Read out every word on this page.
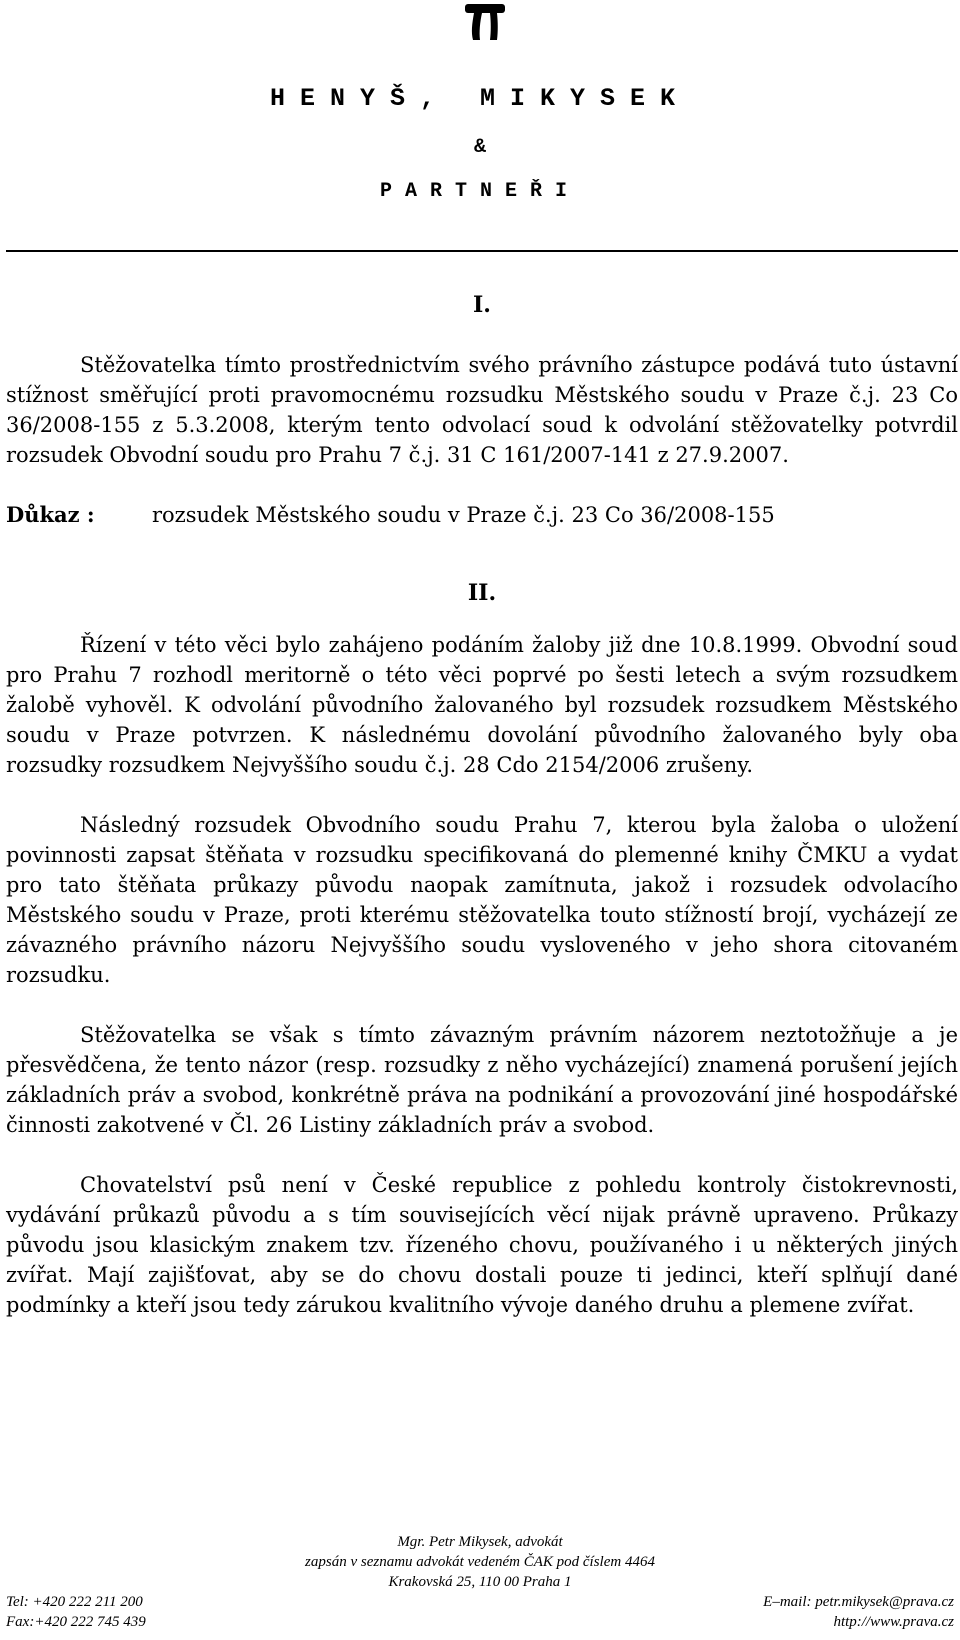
HENYŠ, MIKYSEK
&
PARTNEŘI

I.

Stěžovatelka tímto prostřednictvím svého právního zástupce podává tuto ústavní stížnost směřující proti pravomocnému rozsudku Městského soudu v Praze č.j. 23 Co 36/2008-155 z 5.3.2008, kterým tento odvolací soud k odvolání stěžovatelky potvrdil rozsudek Obvodní soudu pro Prahu 7 č.j. 31 C 161/2007-141 z 27.9.2007.

Důkaz :	rozsudek Městského soudu v Praze č.j. 23 Co 36/2008-155

II.

Řízení v této věci bylo zahájeno podáním žaloby již dne 10.8.1999. Obvodní soud pro Prahu 7 rozhodl meritorně o této věci poprvé po šesti letech a svým rozsudkem žalobě vyhověl. K odvolání původního žalovaného byl rozsudek rozsudkem Městského soudu v Praze potvrzen. K následnému dovolání původního žalovaného byly oba rozsudky rozsudkem Nejvyššího soudu č.j. 28 Cdo 2154/2006 zrušeny.

Následný rozsudek Obvodního soudu Prahu 7, kterou byla žaloba o uložení povinnosti zapsat štěňata v rozsudku specifikovaná do plemenné knihy ČMKU a vydat pro tato štěňata průkazy původu naopak zamítnuta, jakož i rozsudek odvolacího Městského soudu v Praze, proti kterému stěžovatelka touto stížností brojí, vycházejí ze závazného právního názoru Nejvyššího soudu vysloveného v jeho shora citovaném rozsudku.

Stěžovatelka se však s tímto závazným právním názorem neztotožňuje a je přesvědčena, že tento názor (resp. rozsudky z něho vycházející) znamená porušení jejích základních práv a svobod, konkrétně práva na podnikání a provozování jiné hospodářské činnosti zakotvené v Čl. 26 Listiny základních práv a svobod.

Chovatelství psů není v České republice z pohledu kontroly čistokrevnosti, vydávání průkazů původu a s tím souvisejících věcí nijak právně upraveno. Průkazy původu jsou klasickým znakem tzv. řízeného chovu, používaného i u některých jiných zvířat. Mají zajišťovat, aby se do chovu dostali pouze ti jedinci, kteří splňují dané podmínky a kteří jsou tedy zárukou kvalitního vývoje daného druhu a plemene zvířat.

Mgr. Petr Mikysek, advokát
zapsán v seznamu advokát vedeném ČAK pod číslem 4464
Krakovská 25, 110 00 Praha 1
Tel: +420 222 211 200
Fax:+420 222 745 439
E–mail: petr.mikysek@prava.cz
http://www.prava.cz
